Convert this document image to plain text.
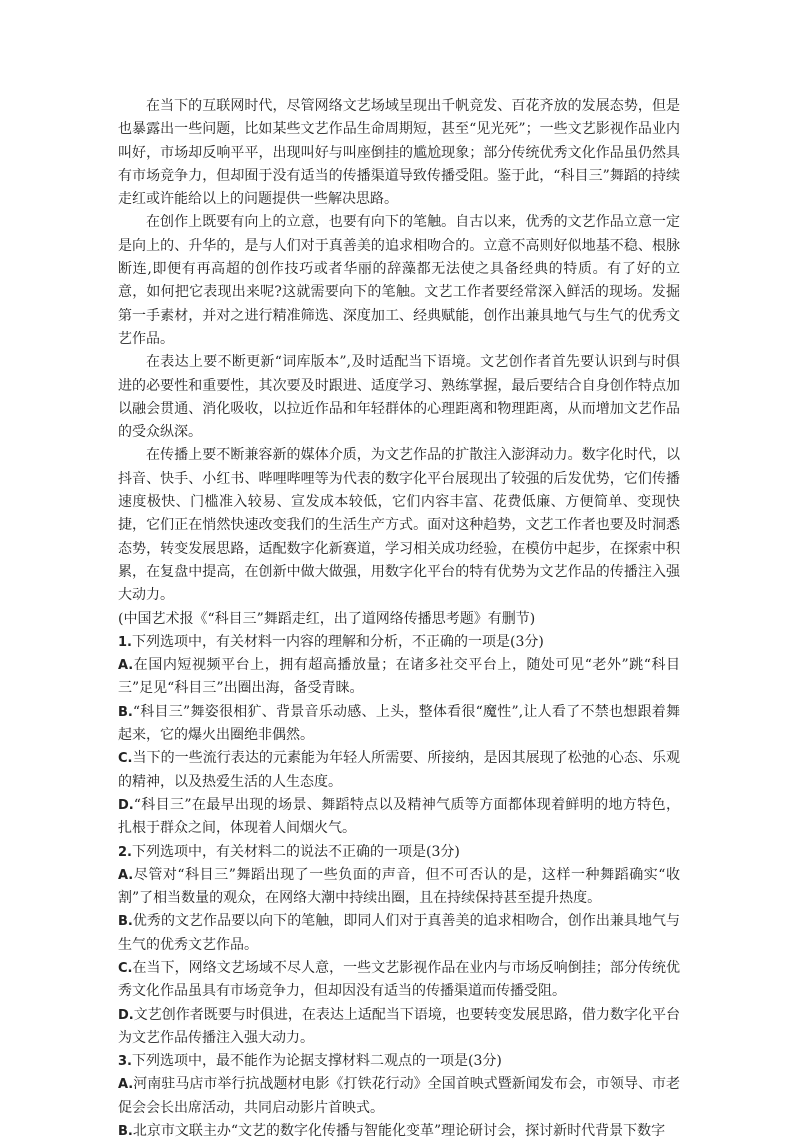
在当下的互联网时代，尽管网络文艺场域呈现出千帆竞发、百花齐放的发展态势，但是也暴露出一些问题，比如某些文艺作品生命周期短，甚至“见光死”；一些文艺影视作品业内叫好，市场却反响平平，出现叫好与叫座倒挂的尴尬现象；部分传统优秀文化作品虽仍然具有市场竞争力，但却囿于没有适当的传播渠道导致传播受阻。鉴于此，“科目三”舞蹈的持续走红或许能给以上的问题提供一些解决思路。

在创作上既要有向上的立意，也要有向下的笔触。自古以来，优秀的文艺作品立意一定是向上的、升华的，是与人们对于真善美的追求相吻合的。立意不高则好似地基不稳、根脉断连,即便有再高超的创作技巧或者华丽的辞藻都无法使之具备经典的特质。有了好的立意，如何把它表现出来呢?这就需要向下的笔触。文艺工作者要经常深入鲜活的现场。发掘第一手素材，并对之进行精准筛选、深度加工、经典赋能，创作出兼具地气与生气的优秀文艺作品。

在表达上要不断更新“词库版本”,及时适配当下语境。文艺创作者首先要认识到与时俱进的必要性和重要性，其次要及时跟进、适度学习、熟练掌握，最后要结合自身创作特点加以融会贯通、消化吸收，以拉近作品和年轻群体的心理距离和物理距离，从而增加文艺作品的受众纵深。

在传播上要不断兼容新的媒体介质，为文艺作品的扩散注入澎湃动力。数字化时代，以抖音、快手、小红书、哔哩哔哩等为代表的数字化平台展现出了较强的后发优势，它们传播速度极快、门槛准入较易、宣发成本较低，它们内容丰富、花费低廉、方便简单、变现快捷，它们正在悄然快速改变我们的生活生产方式。面对这种趋势，文艺工作者也要及时洞悉态势，转变发展思路，适配数字化新赛道，学习相关成功经验，在模仿中起步，在探索中积累，在复盘中提高，在创新中做大做强，用数字化平台的特有优势为文艺作品的传播注入强大动力。

(中国艺术报《“科目三”舞蹈走红，出了道网络传播思考题》有删节)

1.下列选项中，有关材料一内容的理解和分析，不正确的一项是(3分)

A.在国内短视频平台上，拥有超高播放量；在诸多社交平台上，随处可见“老外”跳“科目三”足见“科目三”出圈出海，备受青睐。

B.“科目三”舞姿很相犷、背景音乐动感、上头，整体看很“魔性”,让人看了不禁也想跟着舞起来，它的爆火出圈绝非偶然。

C.当下的一些流行表达的元素能为年轻人所需要、所接纳，是因其展现了松弛的心态、乐观的精神，以及热爱生活的人生态度。

D.“科目三”在最早出现的场景、舞蹈特点以及精神气质等方面都体现着鲜明的地方特色，扎根于群众之间，体现着人间烟火气。

2.下列选项中，有关材料二的说法不正确的一项是(3分)

A.尽管对“科目三”舞蹈出现了一些负面的声音，但不可否认的是，这样一种舞蹈确实“收割”了相当数量的观众，在网络大潮中持续出圈，且在持续保持甚至提升热度。

B.优秀的文艺作品要以向下的笔触，即同人们对于真善美的追求相吻合，创作出兼具地气与生气的优秀文艺作品。

C.在当下，网络文艺场域不尽人意，一些文艺影视作品在业内与市场反响倒挂；部分传统优秀文化作品虽具有市场竞争力，但却因没有适当的传播渠道而传播受阻。

D.文艺创作者既要与时俱进，在表达上适配当下语境，也要转变发展思路，借力数字化平台为文艺作品传播注入强大动力。

3.下列选项中，最不能作为论据支撑材料二观点的一项是(3分)

A.河南驻马店市举行抗战题材电影《打铁花行动》全国首映式暨新闻发布会，市领导、市老促会会长出席活动，共同启动影片首映式。

B.北京市文联主办“文艺的数字化传播与智能化变革”理论研讨会，探讨新时代背景下数字
